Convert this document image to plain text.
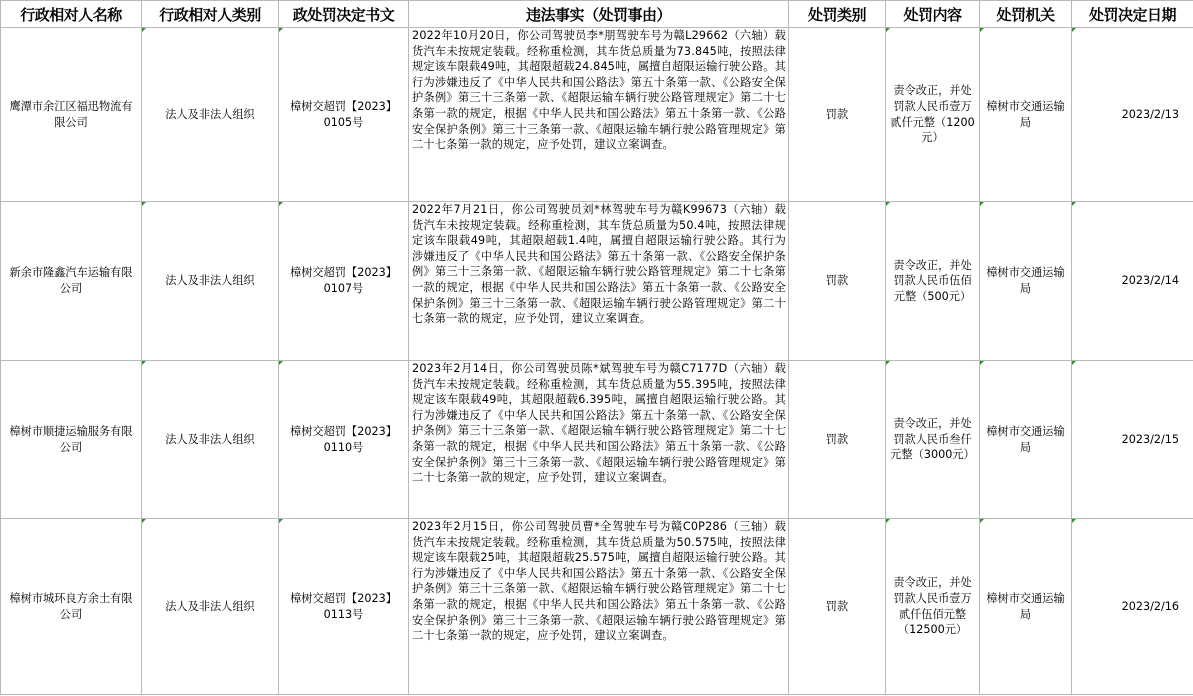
行政相对人名称	行政相对人类别	政处罚决定书文	违法事实（处罚事由）	处罚类别	处罚内容	处罚机关	处罚决定日期
鹰潭市余江区福迅物流有限公司	法人及非法人组织	樟树交超罚【2023】0105号	2022年10月20日，你公司驾驶员李*朋驾驶车号为赣L29662（六轴）载货汽车未按规定装载。经称重检测，其车货总质量为73.845吨，按照法律规定该车限载49吨，其超限超载24.845吨，属擅自超限运输行驶公路。其行为涉嫌违反了《中华人民共和国公路法》第五十条第一款、《公路安全保护条例》第三十三条第一款、《超限运输车辆行驶公路管理规定》第二十七条第一款的规定，根据《中华人民共和国公路法》第五十条第一款、《公路安全保护条例》第三十三条第一款、《超限运输车辆行驶公路管理规定》第二十七条第一款的规定，应予处罚，建议立案调查。	罚款	责令改正，并处罚款人民币壹万贰仟元整（1200元）	樟树市交通运输局	2023/2/13
新余市隆鑫汽车运输有限公司	法人及非法人组织	樟树交超罚【2023】0107号	2022年7月21日，你公司驾驶员刘*林驾驶车号为赣K99673（六轴）载货汽车未按规定装载。经称重检测，其车货总质量为50.4吨，按照法律规定该车限载49吨，其超限超载1.4吨，属擅自超限运输行驶公路。其行为涉嫌违反了《中华人民共和国公路法》第五十条第一款、《公路安全保护条例》第三十三条第一款、《超限运输车辆行驶公路管理规定》第二十七条第一款的规定，根据《中华人民共和国公路法》第五十条第一款、《公路安全保护条例》第三十三条第一款、《超限运输车辆行驶公路管理规定》第二十七条第一款的规定，应予处罚，建议立案调查。	罚款	责令改正，并处罚款人民币伍佰元整（500元）	樟树市交通运输局	2023/2/14
樟树市顺捷运输服务有限公司	法人及非法人组织	樟树交超罚【2023】0110号	2023年2月14日，你公司驾驶员陈*斌驾驶车号为赣C7177D（六轴）载货汽车未按规定装载。经称重检测，其车货总质量为55.395吨，按照法律规定该车限载49吨，其超限超载6.395吨，属擅自超限运输行驶公路。其行为涉嫌违反了《中华人民共和国公路法》第五十条第一款、《公路安全保护条例》第三十三条第一款、《超限运输车辆行驶公路管理规定》第二十七条第一款的规定，根据《中华人民共和国公路法》第五十条第一款、《公路安全保护条例》第三十三条第一款、《超限运输车辆行驶公路管理规定》第二十七条第一款的规定，应予处罚，建议立案调查。	罚款	责令改正，并处罚款人民币叁仟元整（3000元）	樟树市交通运输局	2023/2/15
樟树市城环良方余土有限公司	法人及非法人组织	樟树交超罚【2023】0113号	2023年2月15日，你公司驾驶员曹*全驾驶车号为赣C0P286（三轴）载货汽车未按规定装载。经称重检测，其车货总质量为50.575吨，按照法律规定该车限载25吨，其超限超载25.575吨，属擅自超限运输行驶公路。其行为涉嫌违反了《中华人民共和国公路法》第五十条第一款、《公路安全保护条例》第三十三条第一款、《超限运输车辆行驶公路管理规定》第二十七条第一款的规定，根据《中华人民共和国公路法》第五十条第一款、《公路安全保护条例》第三十三条第一款、《超限运输车辆行驶公路管理规定》第二十七条第一款的规定，应予处罚，建议立案调查。	罚款	责令改正，并处罚款人民币壹万贰仟伍佰元整（12500元）	樟树市交通运输局	2023/2/16
